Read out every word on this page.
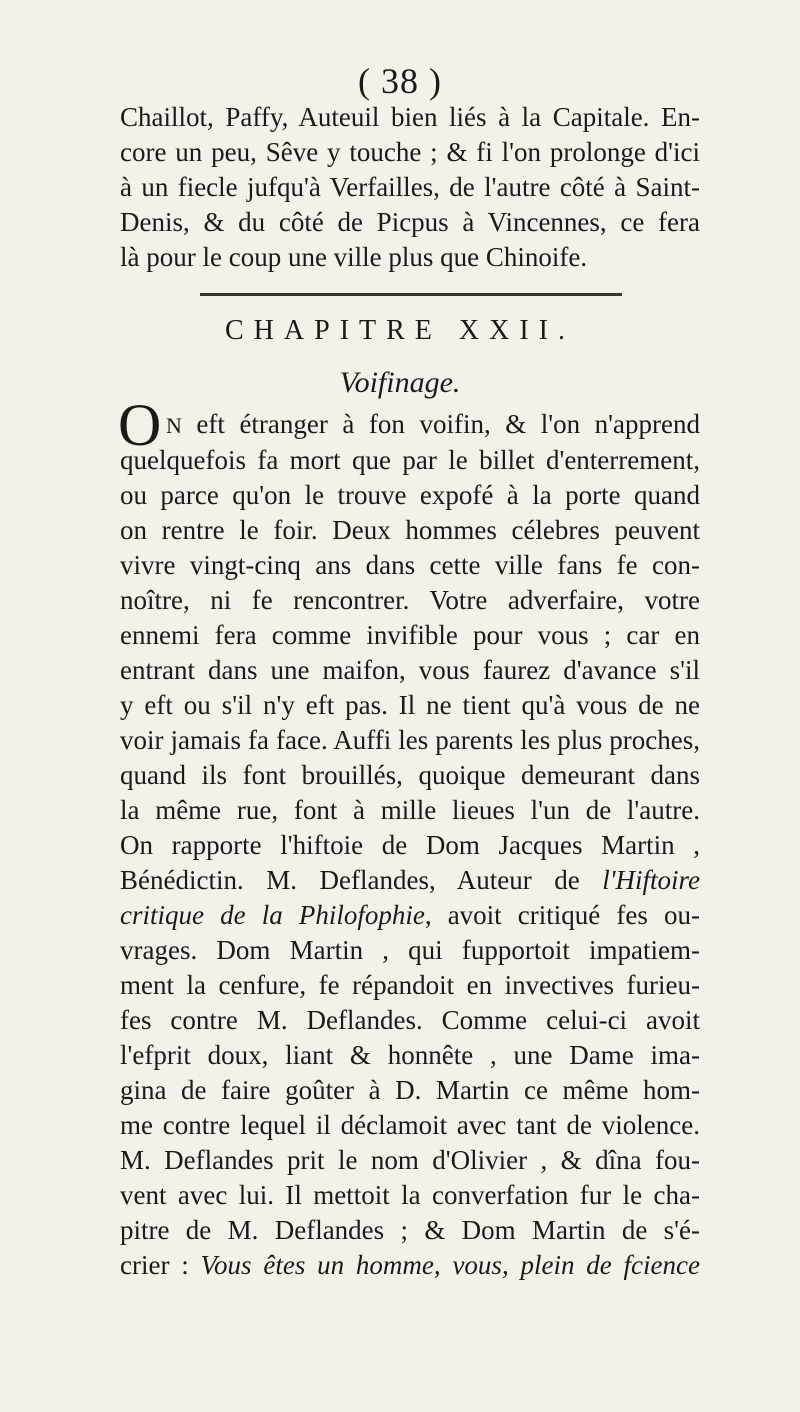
( 38 )
Chaillot, Paffy, Auteuil bien liés à la Capitale. En-
core un peu, Sêve y touche ; & fi l'on prolonge d'ici
à un fiecle jufqu'à Verfailles, de l'autre côté à Saint-
Denis, & du côté de Picpus à Vincennes, ce fera
là pour le coup une ville plus que Chinoife.
CHAPITRE XXII.
Voifinage.
O N eft étranger à fon voifin, & l'on n'apprend
quelquefois fa mort que par le billet d'enterrement,
ou parce qu'on le trouve expofé à la porte quand
on rentre le foir. Deux hommes célebres peuvent
vivre vingt-cinq ans dans cette ville fans fe con-
noître, ni fe rencontrer. Votre adverfaire, votre
ennemi fera comme invifible pour vous ; car en
entrant dans une maifon, vous faurez d'avance s'il
y eft ou s'il n'y eft pas. Il ne tient qu'à vous de ne
voir jamais fa face. Auffi les parents les plus proches,
quand ils font brouillés, quoique demeurant dans
la même rue, font à mille lieues l'un de l'autre.
On rapporte l'hiftoie de Dom Jacques Martin ,
Bénédictin. M. Deflandes, Auteur de l'Hiftoire
critique de la Philofophie, avoit critiqué fes ou-
vrages. Dom Martin , qui fupportoit impatiem-
ment la cenfure, fe répandoit en invectives furieu-
fes contre M. Deflandes. Comme celui-ci avoit
l'efprit doux, liant & honnête , une Dame ima-
gina de faire goûter à D. Martin ce même hom-
me contre lequel il déclamoit avec tant de violence.
M. Deflandes prit le nom d'Olivier , & dîna fou-
vent avec lui. Il mettoit la converfation fur le cha-
pitre de M. Deflandes ; & Dom Martin de s'é-
crier : Vous êtes un homme, vous, plein de fcience
